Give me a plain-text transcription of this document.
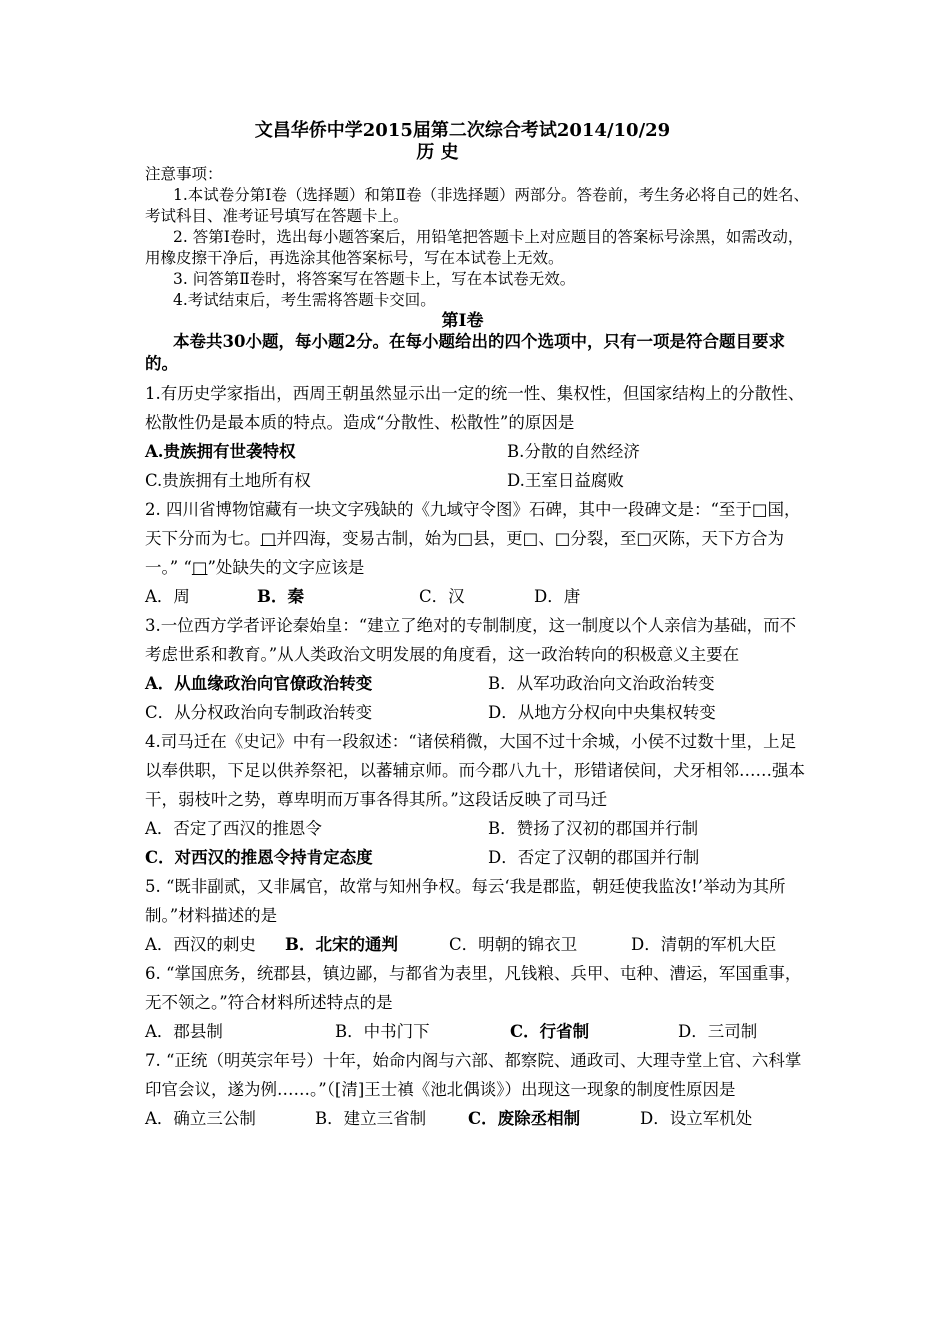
文昌华侨中学2015届第二次综合考试2014/10/29
历 史

注意事项：

1.本试卷分第Ⅰ卷（选择题）和第Ⅱ卷（非选择题）两部分。答卷前，考生务必将自己的姓名、考试科目、准考证号填写在答题卡上。

2. 答第Ⅰ卷时，选出每小题答案后，用铅笔把答题卡上对应题目的答案标号涂黑，如需改动，用橡皮擦干净后，再选涂其他答案标号，写在本试卷上无效。

3. 问答第Ⅱ卷时，将答案写在答题卡上，写在本试卷无效。

4.考试结束后，考生需将答题卡交回。

第Ⅰ卷
本卷共30小题，每小题2分。在每小题给出的四个选项中，只有一项是符合题目要求的。

1.有历史学家指出，西周王朝虽然显示出一定的统一性、集权性，但国家结构上的分散性、松散性仍是最本质的特点。造成“分散性、松散性”的原因是

A.贵族拥有世袭特权	B.分散的自然经济
C.贵族拥有土地所有权	D.王室日益腐败

2. 四川省博物馆藏有一块文字残缺的《九域守令图》石碑，其中一段碑文是：“至于□国，天下分而为七。□并四海，变易古制，始为□县，更□、□分裂，至□灭陈，天下方合为一。” “□”处缺失的文字应该是

A．周	B．秦	C．汉	D．唐

3.一位西方学者评论秦始皇：“建立了绝对的专制制度，这一制度以个人亲信为基础，而不考虑世系和教育。”从人类政治文明发展的角度看，这一政治转向的积极意义主要在

A．从血缘政治向官僚政治转变	B．从军功政治向文治政治转变
C．从分权政治向专制政治转变	D．从地方分权向中央集权转变

4.司马迁在《史记》中有一段叙述：“诸侯稍微，大国不过十余城，小侯不过数十里，上足以奉供职，下足以供养祭祀，以蕃辅京师。而今郡八九十，形错诸侯间，犬牙相邻……强本干，弱枝叶之势，尊卑明而万事各得其所。”这段话反映了司马迁

A．否定了西汉的推恩令	B．赞扬了汉初的郡国并行制
C．对西汉的推恩令持肯定态度	D．否定了汉朝的郡国并行制

5. “既非副贰，又非属官，故常与知州争权。每云‘我是郡监，朝廷使我监汝!’举动为其所制。”材料描述的是

A．西汉的刺史	B．北宋的通判	C．明朝的锦衣卫	D．清朝的军机大臣

6. “掌国庶务，统郡县，镇边鄙，与都省为表里，凡钱粮、兵甲、屯种、漕运，军国重事，无不领之。”符合材料所述特点的是

A．郡县制	B．中书门下	C．行省制	D．三司制

7. “正统（明英宗年号）十年，始命内阁与六部、都察院、通政司、大理寺堂上官、六科掌印官会议，遂为例……。”（[清]王士禛《池北偶谈》）出现这一现象的制度性原因是

A．确立三公制	B．建立三省制	C．废除丞相制	D．设立军机处
